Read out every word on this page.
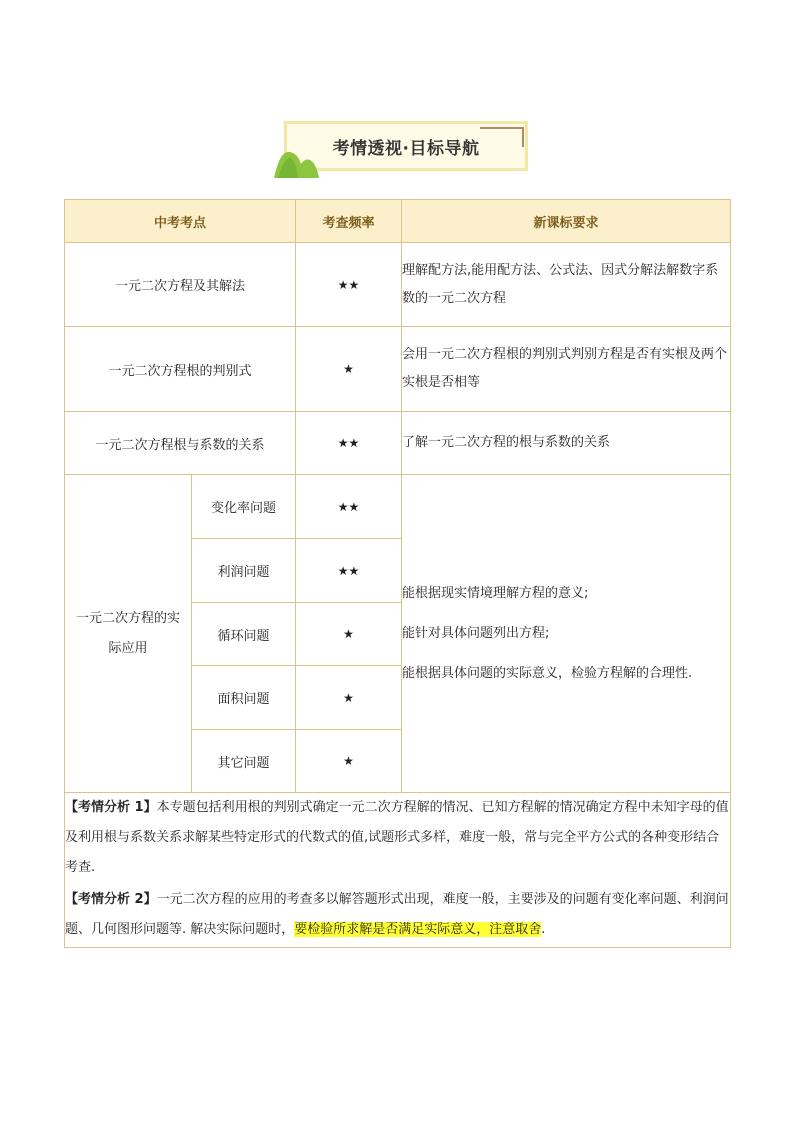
考情透视·目标导航
中考考点		考查频率	新课标要求
一元二次方程及其解法		★★	理解配方法,能用配方法、公式法、因式分解法解数字系数的一元二次方程
一元二次方程根的判别式		★	会用一元二次方程根的判别式判别方程是否有实根及两个实根是否相等
一元二次方程根与系数的关系		★★	了解一元二次方程的根与系数的关系
一元二次方程的实际应用	变化率问题	★★	能根据现实情境理解方程的意义;
能针对具体问题列出方程;
能根据具体问题的实际意义，检验方程解的合理性.

	利润问题	★★	
	循环问题	★	
	面积问题	★	
	其它问题	★	

【考情分析 1】本专题包括利用根的判别式确定一元二次方程解的情况、已知方程解的情况确定方程中未知字母的值及利用根与系数关系求解某些特定形式的代数式的值,试题形式多样，难度一般，常与完全平方公式的各种变形结合考查.

【考情分析 2】一元二次方程的应用的考查多以解答题形式出现，难度一般，主要涉及的问题有变化率问题、利润问题、几何图形问题等. 解决实际问题时，要检验所求解是否满足实际意义，注意取舍.			
